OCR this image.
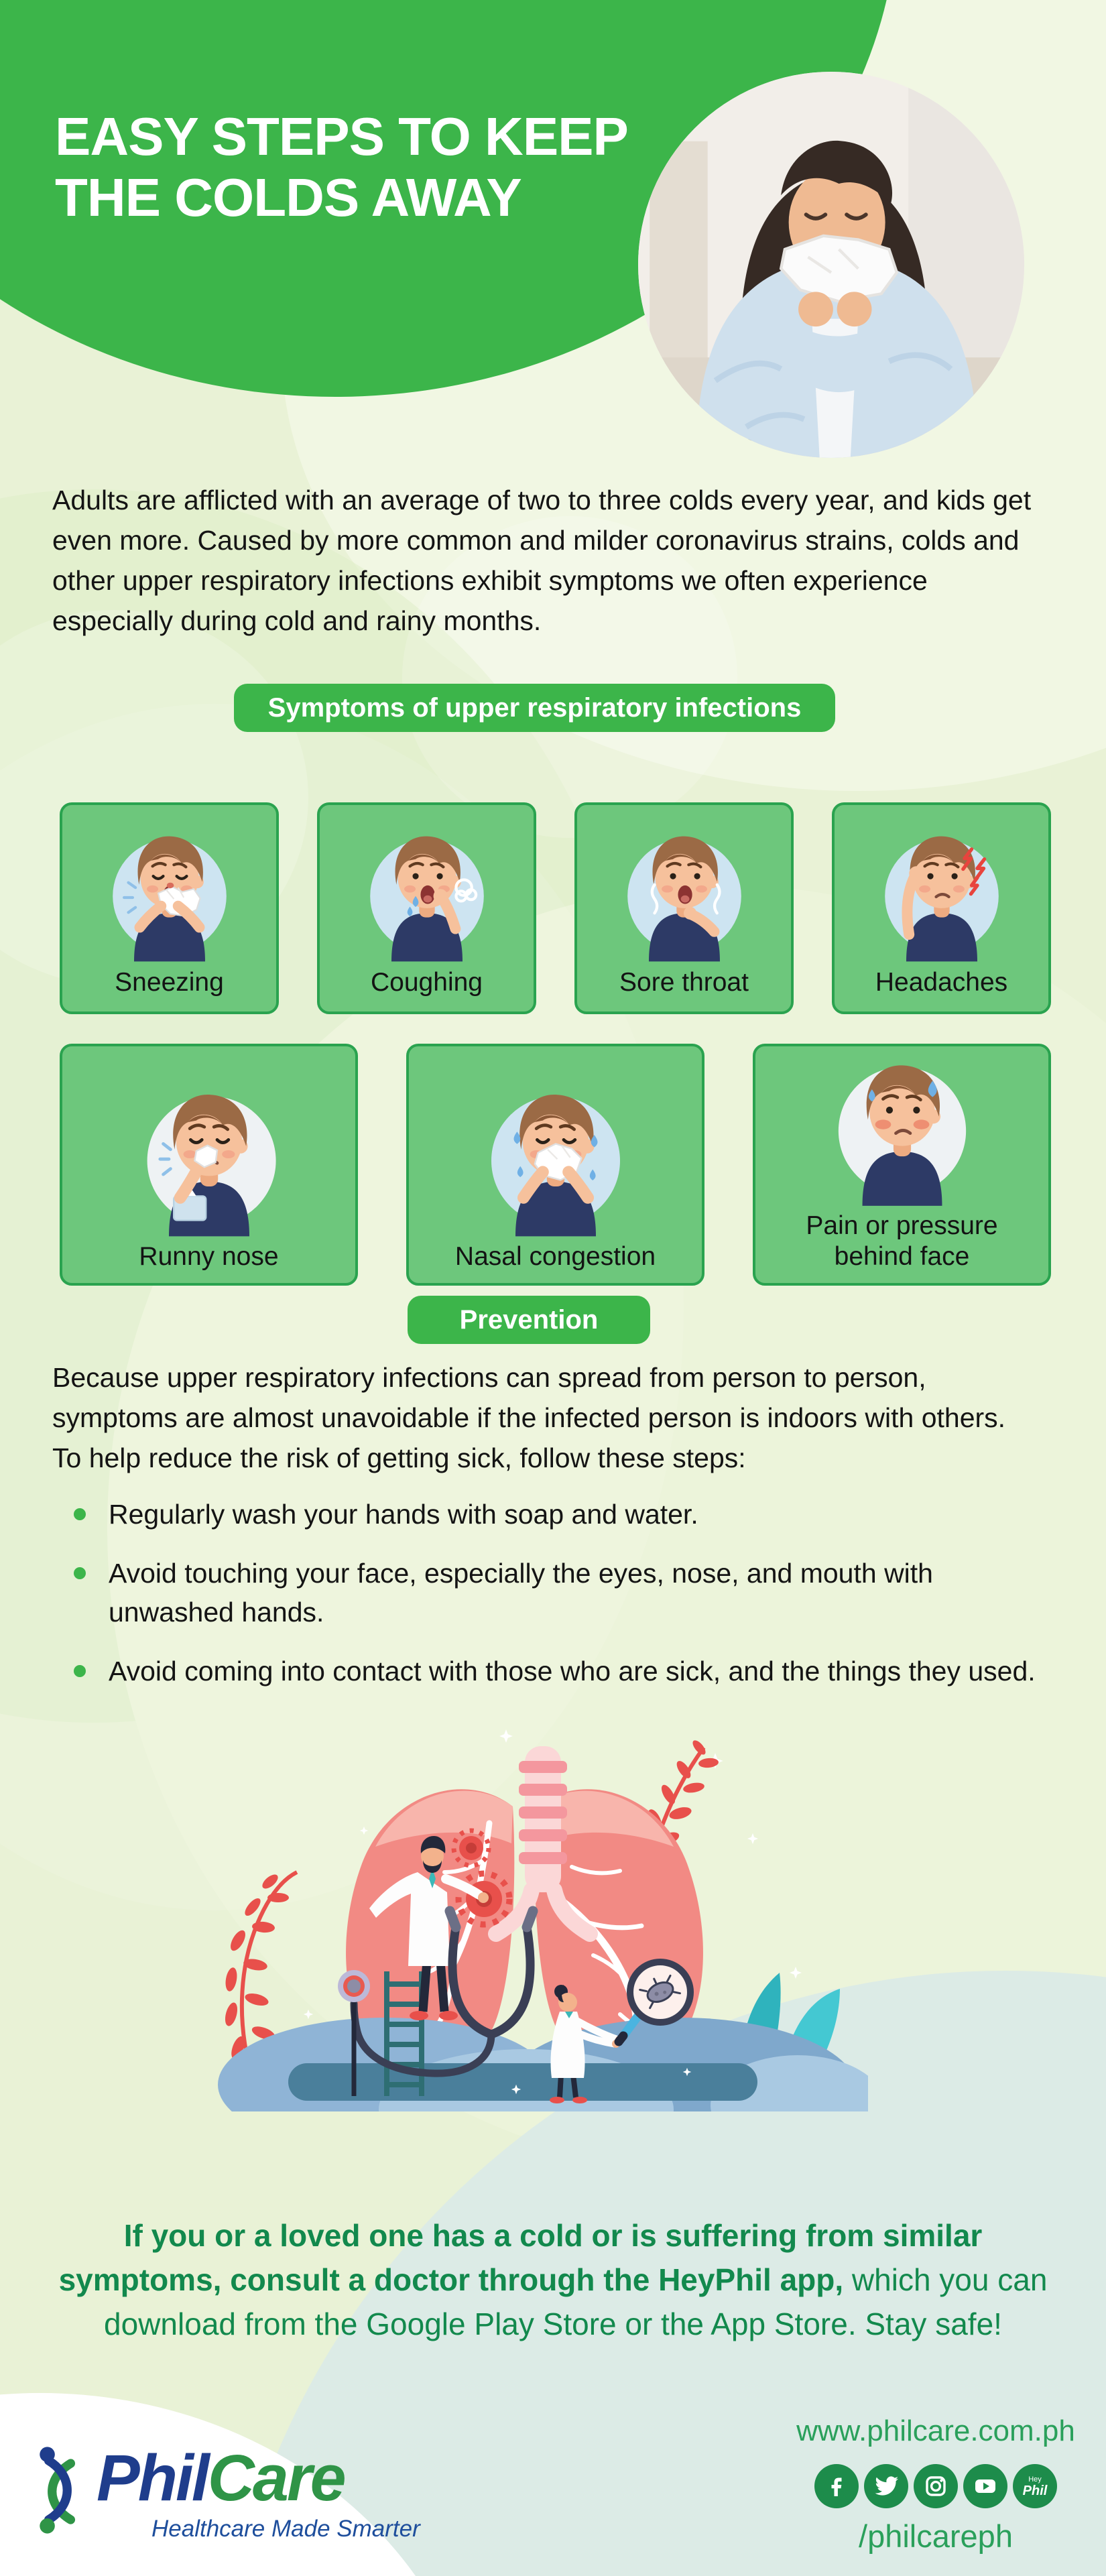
EASY STEPS TO KEEP
THE COLDS AWAY

Adults are afflicted with an average of two to three colds every year, and kids get even more. Caused by more common and milder coronavirus strains, colds and other upper respiratory infections exhibit symptoms we often experience especially during cold and rainy months.

Symptoms of upper respiratory infections
Sneezing	Coughing	Sore throat	Headaches
Runny nose	Nasal congestion
Pain or pressure behind face
Prevention

Because upper respiratory infections can spread from person to person, symptoms are almost unavoidable if the infected person is indoors with others. To help reduce the risk of getting sick, follow these steps:

Regularly wash your hands with soap and water.
Avoid touching your face, especially the eyes, nose, and mouth with unwashed hands.
Avoid coming into contact with those who are sick, and the things they used.

If you or a loved one has a cold or is suffering from similar symptoms, consult a doctor through the HeyPhil app, which you can download from the Google Play Store or the App Store. Stay safe!

PhilCare
Healthcare Made Smarter
www.philcare.com.ph
Hey
Phil
/philcareph
